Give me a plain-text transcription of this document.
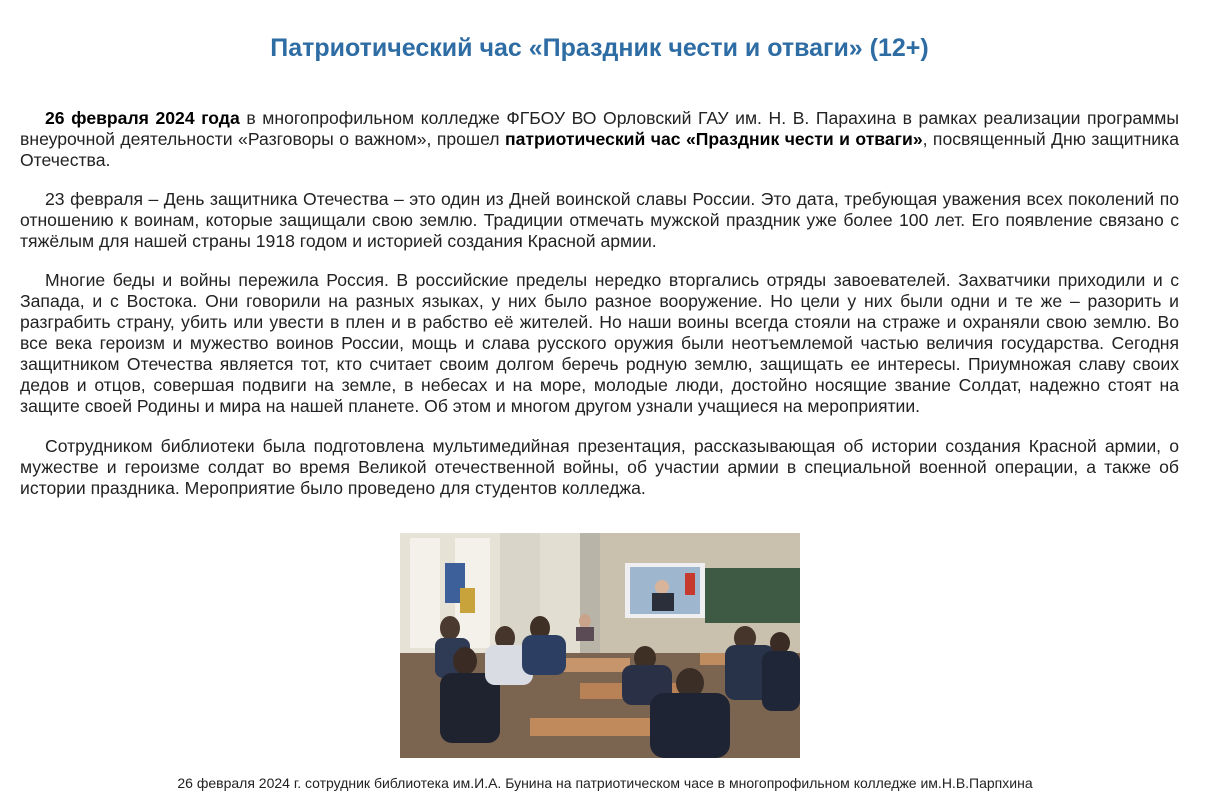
Патриотический час «Праздник чести и отваги» (12+)

26 февраля 2024 года в многопрофильном колледже ФГБОУ ВО Орловский ГАУ им. Н. В. Парахина в рамках реализации программы внеурочной деятельности «Разговоры о важном», прошел патриотический час «Праздник чести и отваги», посвященный Дню защитника Отечества.

23 февраля – День защитника Отечества – это один из Дней воинской славы России. Это дата, требующая уважения всех поколений по отношению к воинам, которые защищали свою землю. Традиции отмечать мужской праздник уже более 100 лет. Его появление связано с тяжёлым для нашей страны 1918 годом и историей создания Красной армии.

Многие беды и войны пережила Россия. В российские пределы нередко вторгались отряды завоевателей. Захватчики приходили и с Запада, и с Востока. Они говорили на разных языках, у них было разное вооружение. Но цели у них были одни и те же – разорить и разграбить страну, убить или увести в плен и в рабство её жителей. Но наши воины всегда стояли на страже и охраняли свою землю. Во все века героизм и мужество воинов России, мощь и слава русского оружия были неотъемлемой частью величия государства. Сегодня защитником Отечества является тот, кто считает своим долгом беречь родную землю, защищать ее интересы. Приумножая славу своих дедов и отцов, совершая подвиги на земле, в небесах и на море, молодые люди, достойно носящие звание Солдат, надежно стоят на защите своей Родины и мира на нашей планете. Об этом и многом другом узнали учащиеся на мероприятии.

Сотрудником библиотеки была подготовлена мультимедийная презентация, рассказывающая об истории создания Красной армии, о мужестве и героизме солдат во время Великой отечественной войны, об участии армии в специальной военной операции, а также об истории праздника. Мероприятие было проведено для студентов колледжа.

26 февраля 2024 г. сотрудник библиотека им.И.А. Бунина на патриотическом часе в многопрофильном колледже им.Н.В.Парпхина
